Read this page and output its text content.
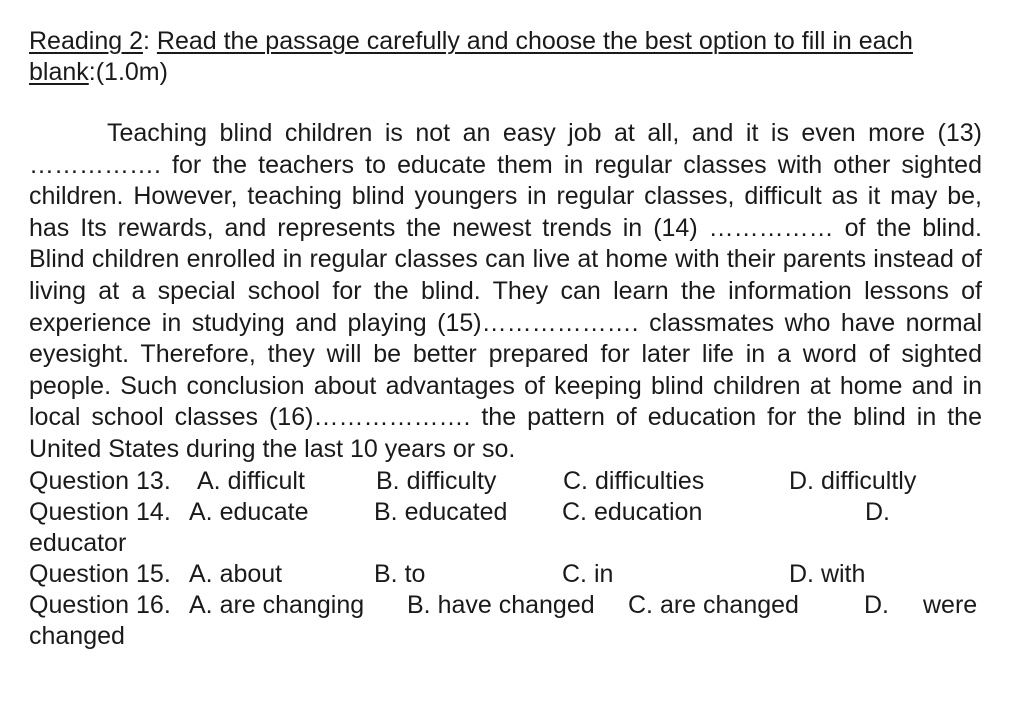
Reading 2: Read the passage carefully and choose the best option to fill in each blank:(1.0m)

Teaching blind children is not an easy job at all, and it is even more (13) ……………. for the teachers to educate them in regular classes with other sighted children. However, teaching blind youngers in regular classes, difficult as it may be, has Its rewards, and represents the newest trends in (14) …………… of the blind. Blind children enrolled in regular classes can live at home with their parents instead of living at a special school for the blind. They can learn the information lessons of experience in studying and playing (15)………………. classmates who have normal eyesight. Therefore, they will be better prepared for later life in a word of sighted people. Such conclusion about advantages of keeping blind children at home and in local school classes (16)………………. the pattern of education for the blind in the United States during the last 10 years or so.
Question 13. A. difficult	B. difficulty	C. difficulties	D. difficultly
Question 14. A. educate	B. educated C. education	D.
educator
Question 15. A. about	B. to	C. in	D. with
Question 16. A. are changing B. have changed C. are changed	D. were
changed
